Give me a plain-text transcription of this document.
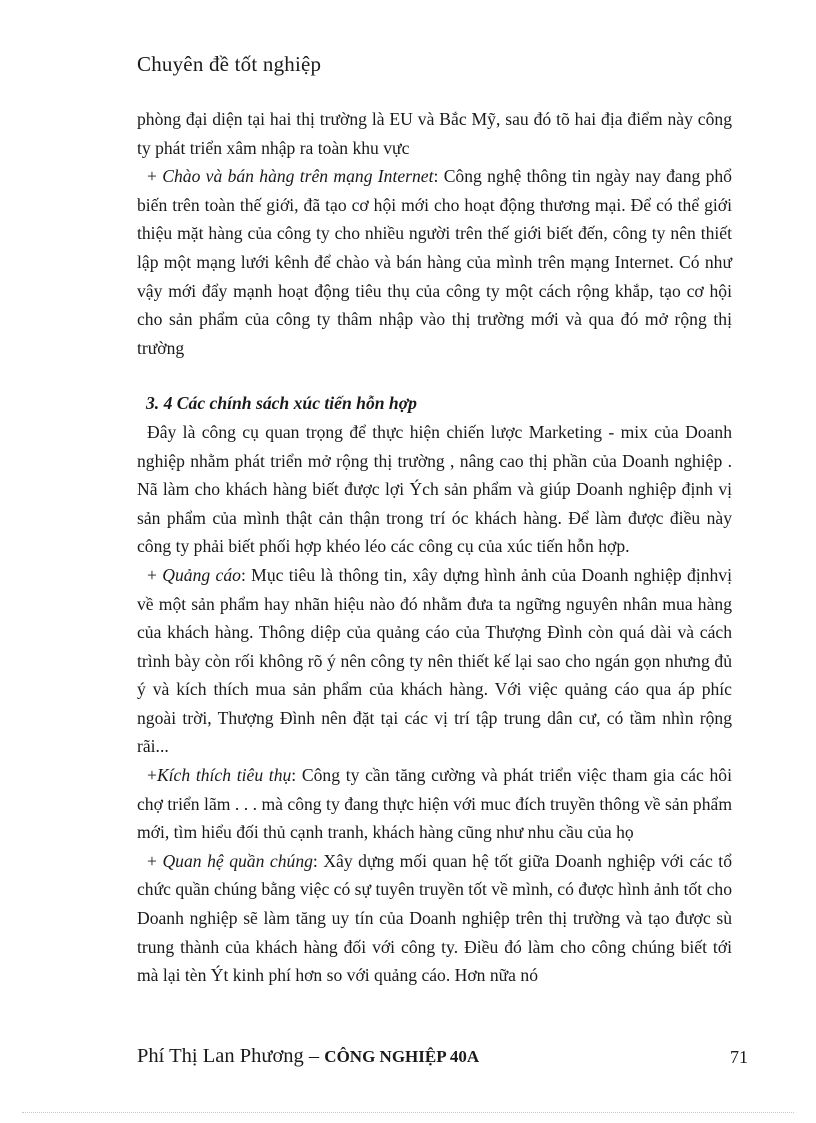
Chuyên đề tốt nghiệp

phòng đại diện tại hai thị trường là EU và Bắc Mỹ, sau đó tõ hai địa điểm này công ty phát triển xâm nhập ra toàn khu vực

+ Chào và bán hàng trên mạng Internet: Công nghệ thông tin ngày nay đang phổ biến trên toàn thế giới, đã tạo cơ hội mới cho hoạt động thương mại. Để có thể giới thiệu mặt hàng của công ty cho nhiều người trên thế giới biết đến, công ty nên thiết lập một mạng lưới kênh để chào và bán hàng của mình trên mạng Internet. Có như vậy mới đẩy mạnh hoạt động tiêu thụ của công ty một cách rộng khắp, tạo cơ hội cho sản phẩm của công ty thâm nhập vào thị trường mới và qua đó mở rộng thị trường

3. 4 Các chính sách xúc tiến hỗn hợp

Đây là công cụ quan trọng để thực hiện chiến lược Marketing - mix của Doanh nghiệp nhằm phát triển mở rộng thị trường , nâng cao thị phần của Doanh nghiệp . Nã làm cho khách hàng biết được lợi Ých sản phẩm và giúp Doanh nghiệp định vị sản phẩm của mình thật cản thận trong trí óc khách hàng. Để làm được điều này công ty phải biết phối hợp khéo léo các công cụ của xúc tiến hỗn hợp.

+ Quảng cáo: Mục tiêu là thông tin, xây dựng hình ảnh của Doanh nghiệp địnhvị về một sản phẩm hay nhãn hiệu nào đó nhằm đưa ta ngững nguyên nhân mua hàng của khách hàng. Thông diệp của quảng cáo của Thượng Đình còn quá dài và cách trình bày còn rối không rõ ý nên công ty nên thiết kế lại sao cho ngán gọn nhưng đủ ý và kích thích mua sản phẩm của khách hàng. Với việc quảng cáo qua áp phíc ngoài trời, Thượng Đình nên đặt tại các vị trí tập trung dân cư, có tầm nhìn rộng rãi...

+Kích thích tiêu thụ: Công ty cần tăng cường và phát triển việc tham gia các hôi chợ triển lãm . . . mà công ty đang thực hiện với muc đích truyền thông về sản phẩm mới, tìm hiểu đối thủ cạnh tranh, khách hàng cũng như nhu cầu của họ

+ Quan hệ quần chúng: Xây dựng mối quan hệ tốt giữa Doanh nghiệp với các tổ chức quần chúng bằng việc có sự tuyên truyền tốt về mình, có được hình ảnh tốt cho Doanh nghiệp sẽ làm tăng uy tín của Doanh nghiệp trên thị trường và tạo được sù trung thành của khách hàng đối với công ty. Điều đó làm cho công chúng biết tới mà lại tèn Ýt kinh phí hơn so với quảng cáo. Hơn nữa nó

Phí Thị Lan Phương – CÔNG NGHIỆP 40A	71
